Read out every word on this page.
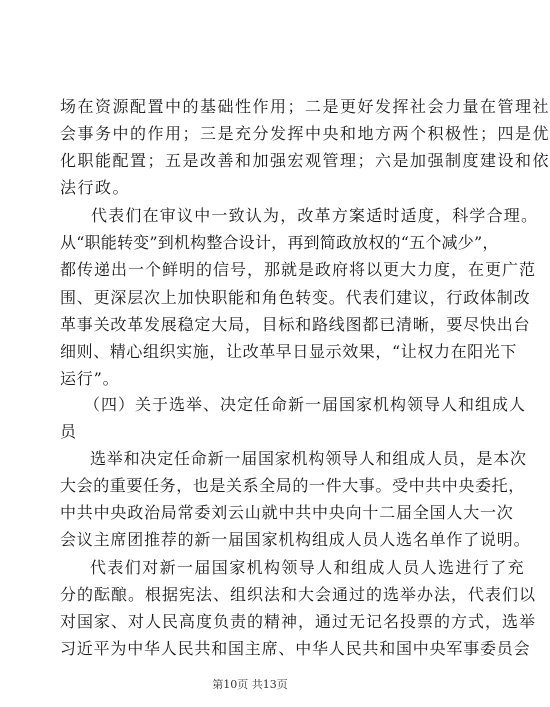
场在资源配置中的基础性作用；二是更好发挥社会力量在管理社
会事务中的作用；三是充分发挥中央和地方两个积极性；四是优
化职能配置；五是改善和加强宏观管理；六是加强制度建设和依
法行政。
代表们在审议中一致认为，改革方案适时适度，科学合理。
从“职能转变”到机构整合设计，再到简政放权的“五个减少”，
都传递出一个鲜明的信号，那就是政府将以更大力度，在更广范
围、更深层次上加快职能和角色转变。代表们建议，行政体制改
革事关改革发展稳定大局，目标和路线图都已清晰，要尽快出台
细则、精心组织实施，让改革早日显示效果，“让权力在阳光下
运行”。
（四）关于选举、决定任命新一届国家机构领导人和组成人
员
选举和决定任命新一届国家机构领导人和组成人员，是本次
大会的重要任务，也是关系全局的一件大事。受中共中央委托，
中共中央政治局常委刘云山就中共中央向十二届全国人大一次
会议主席团推荐的新一届国家机构组成人员人选名单作了说明。
代表们对新一届国家机构领导人和组成人员人选进行了充
分的酝酿。根据宪法、组织法和大会通过的选举办法，代表们以
对国家、对人民高度负责的精神，通过无记名投票的方式，选举
习近平为中华人民共和国主席、中华人民共和国中央军事委员会
第10页 共13页
